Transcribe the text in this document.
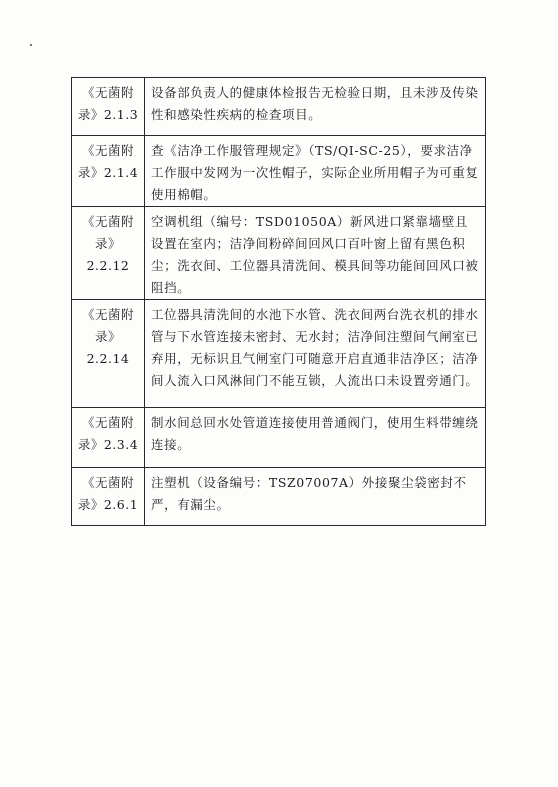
《无菌附录》2.1.3	设备部负责人的健康体检报告无检验日期，且未涉及传染性和感染性疾病的检查项目。
《无菌附录》2.1.4	查《洁净工作服管理规定》（TS/QI-SC-25），要求洁净工作服中发网为一次性帽子，实际企业所用帽子为可重复使用棉帽。
《无菌附录》2.2.12	空调机组（编号：TSD01050A）新风进口紧靠墙壁且设置在室内；洁净间粉碎间回风口百叶窗上留有黑色积尘；洗衣间、工位器具清洗间、模具间等功能间回风口被阻挡。
《无菌附录》2.2.14	工位器具清洗间的水池下水管、洗衣间两台洗衣机的排水管与下水管连接未密封、无水封；洁净间注塑间气闸室已弃用，无标识且气闸室门可随意开启直通非洁净区；洁净间人流入口风淋间门不能互锁，人流出口未设置旁通门。
《无菌附录》2.3.4	制水间总回水处管道连接使用普通阀门，使用生料带缠绕连接。
《无菌附录》2.6.1	注塑机（设备编号：TSZ07007A）外接聚尘袋密封不严，有漏尘。
